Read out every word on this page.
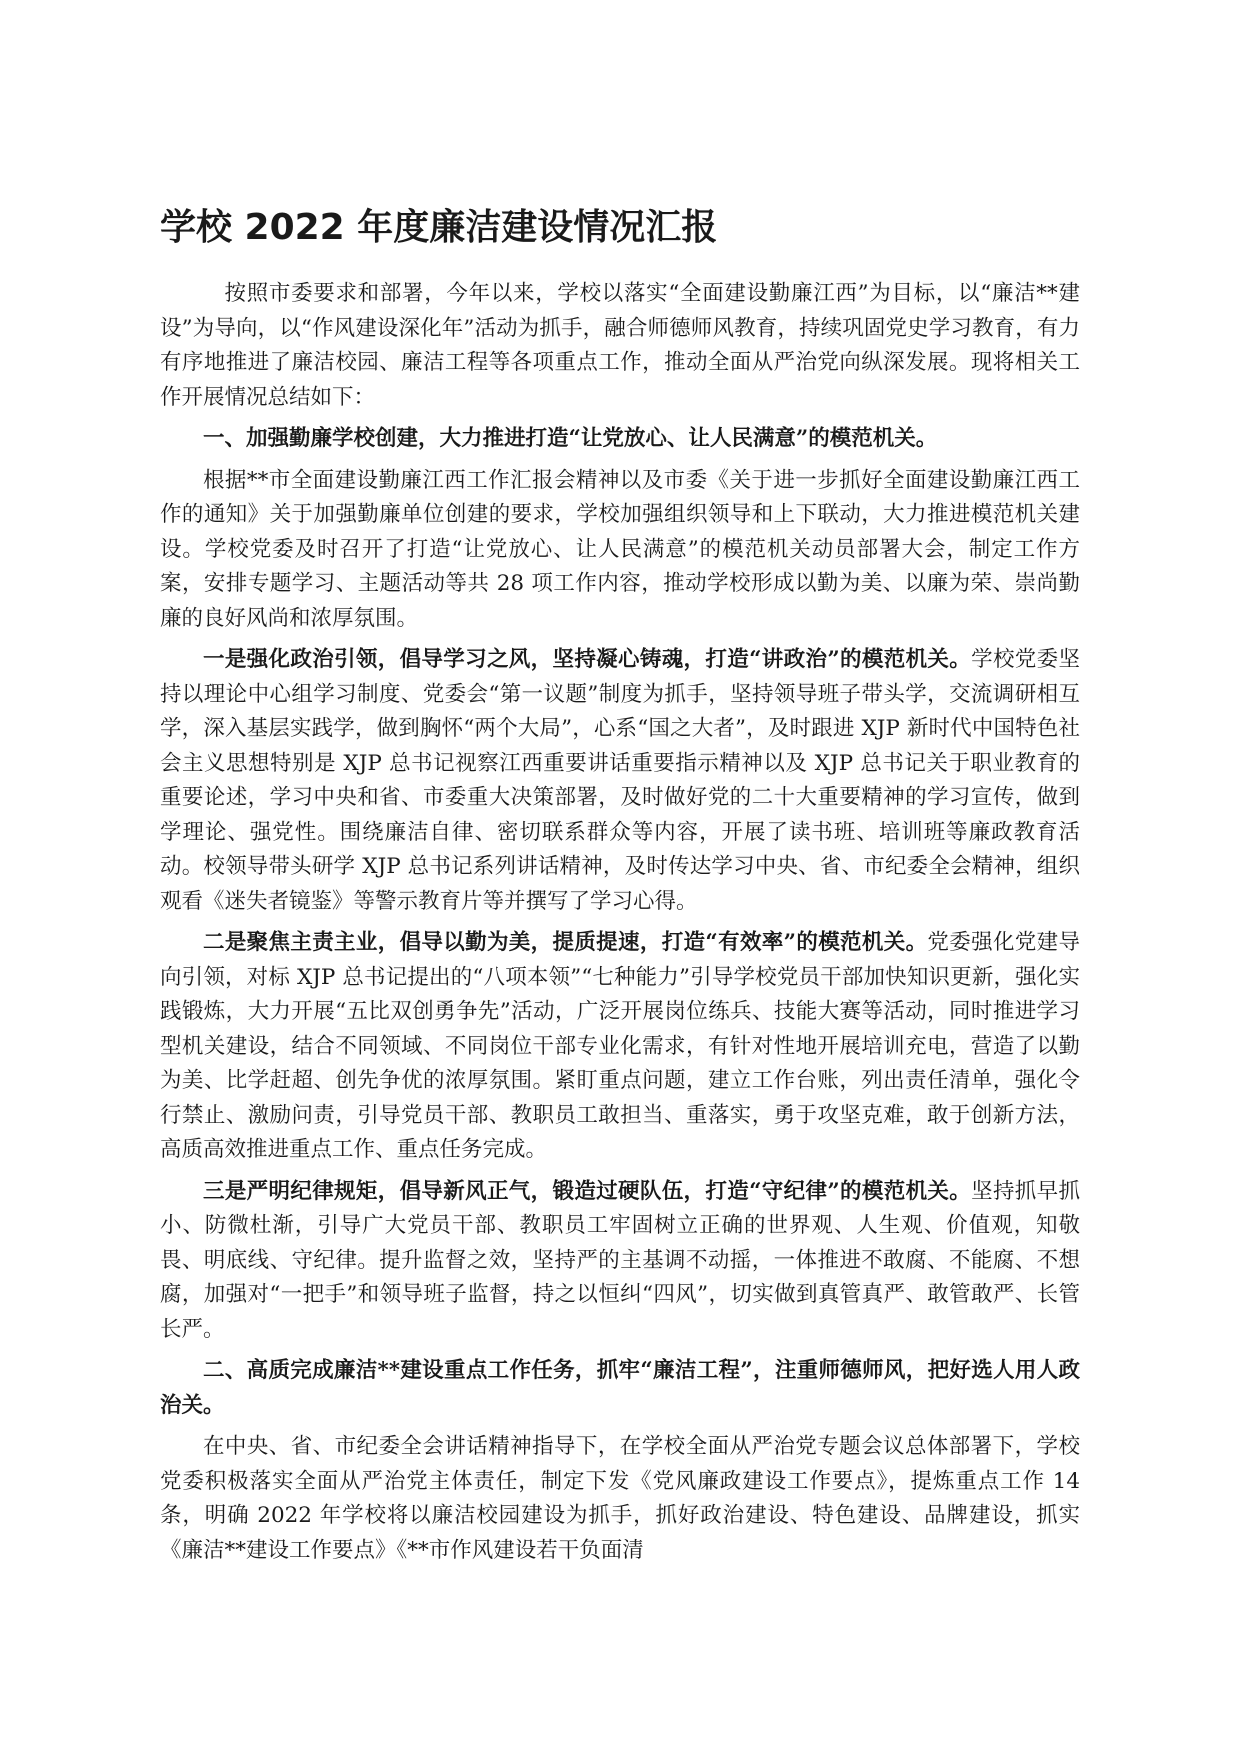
学校 2022 年度廉洁建设情况汇报

按照市委要求和部署，今年以来，学校以落实“全面建设勤廉江西”为目标，以“廉洁**建设”为导向，以“作风建设深化年”活动为抓手，融合师德师风教育，持续巩固党史学习教育，有力有序地推进了廉洁校园、廉洁工程等各项重点工作，推动全面从严治党向纵深发展。现将相关工作开展情况总结如下：

一、加强勤廉学校创建，大力推进打造“让党放心、让人民满意”的模范机关。

根据**市全面建设勤廉江西工作汇报会精神以及市委《关于进一步抓好全面建设勤廉江西工作的通知》关于加强勤廉单位创建的要求，学校加强组织领导和上下联动，大力推进模范机关建设。学校党委及时召开了打造“让党放心、让人民满意”的模范机关动员部署大会，制定工作方案，安排专题学习、主题活动等共 28 项工作内容，推动学校形成以勤为美、以廉为荣、崇尚勤廉的良好风尚和浓厚氛围。

一是强化政治引领，倡导学习之风，坚持凝心铸魂，打造“讲政治”的模范机关。学校党委坚持以理论中心组学习制度、党委会“第一议题”制度为抓手，坚持领导班子带头学，交流调研相互学，深入基层实践学，做到胸怀“两个大局”，心系“国之大者”，及时跟进 XJP 新时代中国特色社会主义思想特别是 XJP 总书记视察江西重要讲话重要指示精神以及 XJP 总书记关于职业教育的重要论述，学习中央和省、市委重大决策部署，及时做好党的二十大重要精神的学习宣传，做到学理论、强党性。围绕廉洁自律、密切联系群众等内容，开展了读书班、培训班等廉政教育活动。校领导带头研学 XJP 总书记系列讲话精神，及时传达学习中央、省、市纪委全会精神，组织观看《迷失者镜鉴》等警示教育片等并撰写了学习心得。

二是聚焦主责主业，倡导以勤为美，提质提速，打造“有效率”的模范机关。党委强化党建导向引领，对标 XJP 总书记提出的“八项本领”“七种能力”引导学校党员干部加快知识更新，强化实践锻炼，大力开展“五比双创勇争先”活动，广泛开展岗位练兵、技能大赛等活动，同时推进学习型机关建设，结合不同领域、不同岗位干部专业化需求，有针对性地开展培训充电，营造了以勤为美、比学赶超、创先争优的浓厚氛围。紧盯重点问题，建立工作台账，列出责任清单，强化令行禁止、激励问责，引导党员干部、教职员工敢担当、重落实，勇于攻坚克难，敢于创新方法，高质高效推进重点工作、重点任务完成。

三是严明纪律规矩，倡导新风正气，锻造过硬队伍，打造“守纪律”的模范机关。坚持抓早抓小、防微杜渐，引导广大党员干部、教职员工牢固树立正确的世界观、人生观、价值观，知敬畏、明底线、守纪律。提升监督之效，坚持严的主基调不动摇，一体推进不敢腐、不能腐、不想腐，加强对“一把手”和领导班子监督，持之以恒纠“四风”，切实做到真管真严、敢管敢严、长管长严。

二、高质完成廉洁**建设重点工作任务，抓牢“廉洁工程”，注重师德师风，把好选人用人政治关。

在中央、省、市纪委全会讲话精神指导下，在学校全面从严治党专题会议总体部署下，学校党委积极落实全面从严治党主体责任，制定下发《党风廉政建设工作要点》，提炼重点工作 14 条，明确 2022 年学校将以廉洁校园建设为抓手，抓好政治建设、特色建设、品牌建设，抓实《廉洁**建设工作要点》《**市作风建设若干负面清
